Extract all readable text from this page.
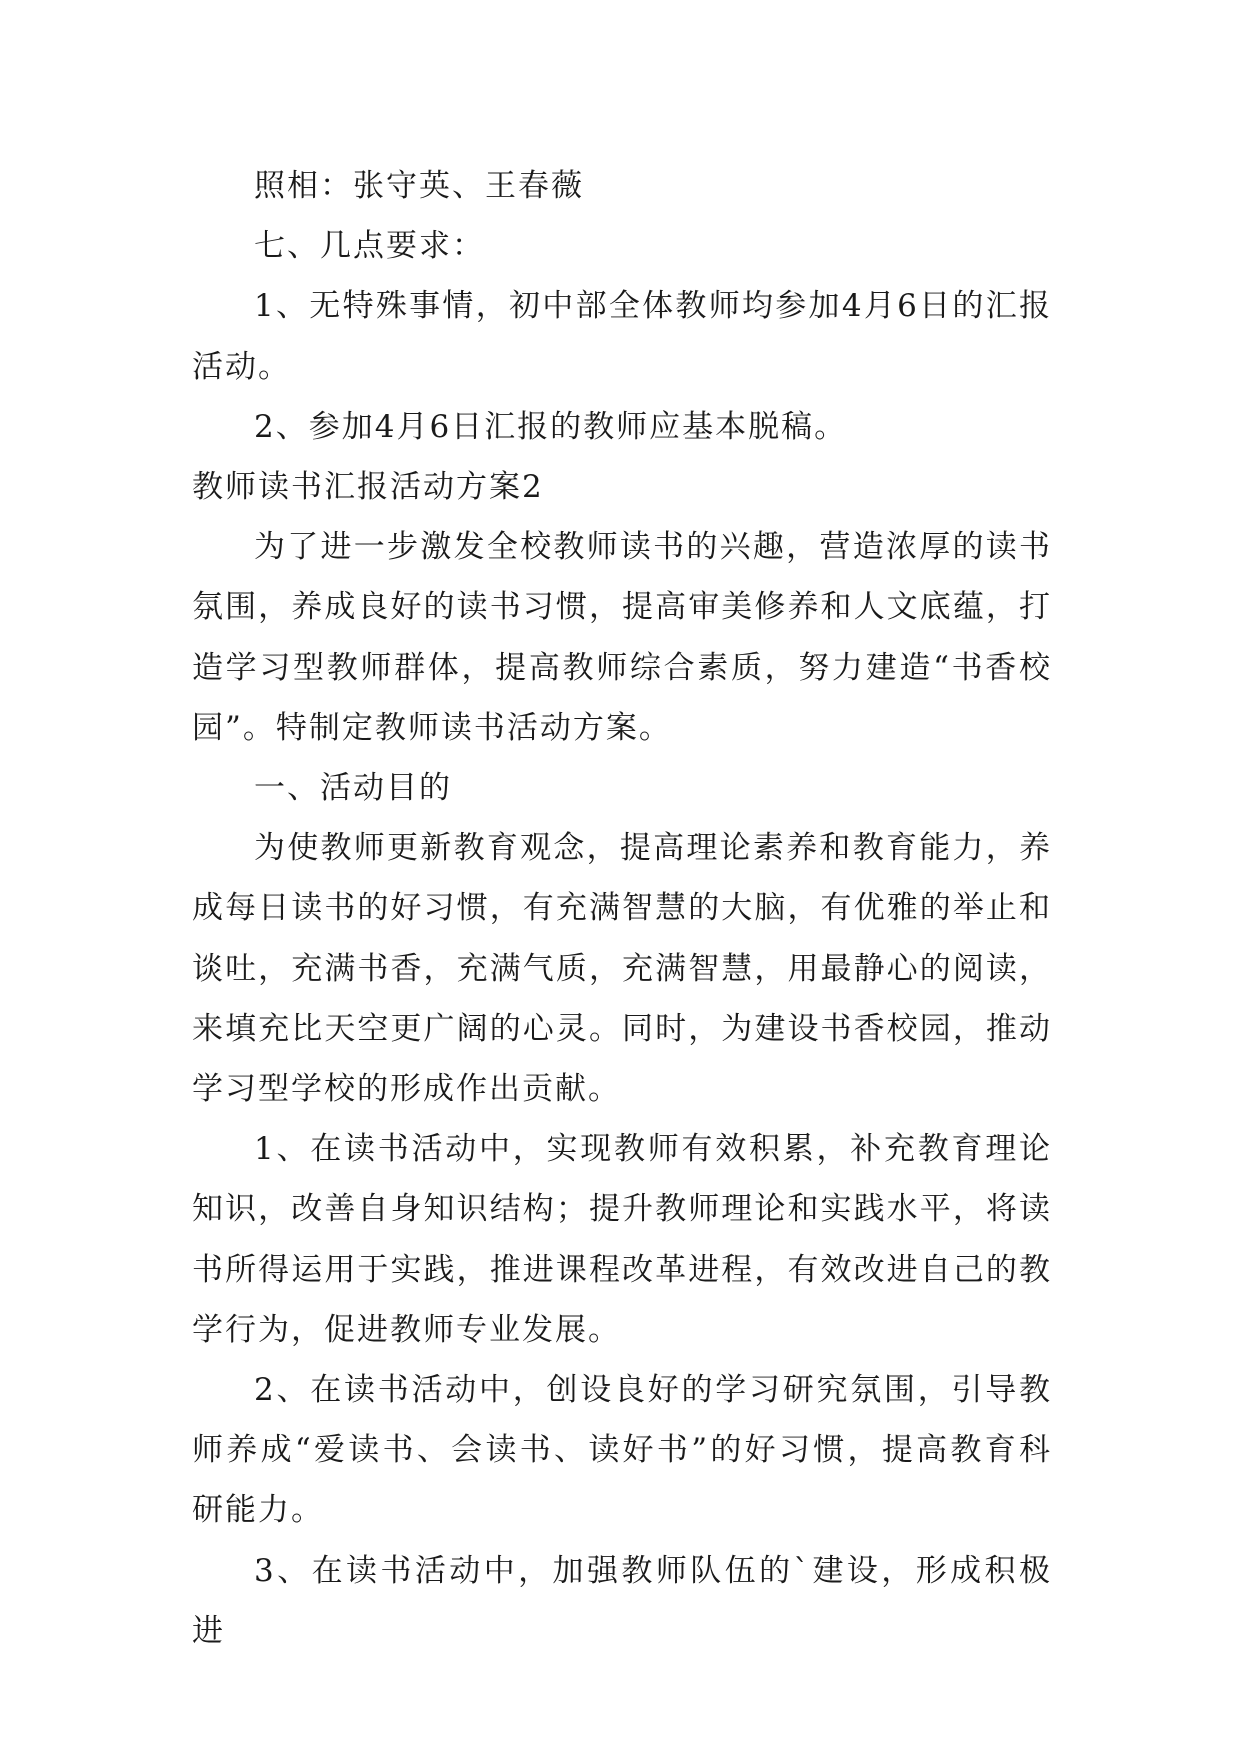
照相：张守英、王春薇

七、几点要求：

1、无特殊事情，初中部全体教师均参加4月6日的汇报活动。

2、参加4月6日汇报的教师应基本脱稿。

教师读书汇报活动方案2

为了进一步激发全校教师读书的兴趣，营造浓厚的读书氛围，养成良好的读书习惯，提高审美修养和人文底蕴，打造学习型教师群体，提高教师综合素质，努力建造“书香校园”。特制定教师读书活动方案。

一、活动目的

为使教师更新教育观念，提高理论素养和教育能力，养成每日读书的好习惯，有充满智慧的大脑，有优雅的举止和谈吐，充满书香，充满气质，充满智慧，用最静心的阅读，来填充比天空更广阔的心灵。同时，为建设书香校园，推动学习型学校的形成作出贡献。

1、在读书活动中，实现教师有效积累，补充教育理论知识，改善自身知识结构；提升教师理论和实践水平，将读书所得运用于实践，推进课程改革进程，有效改进自己的教学行为，促进教师专业发展。

2、在读书活动中，创设良好的学习研究氛围，引导教师养成“爱读书、会读书、读好书”的好习惯，提高教育科研能力。

3、在读书活动中，加强教师队伍的`建设，形成积极进
